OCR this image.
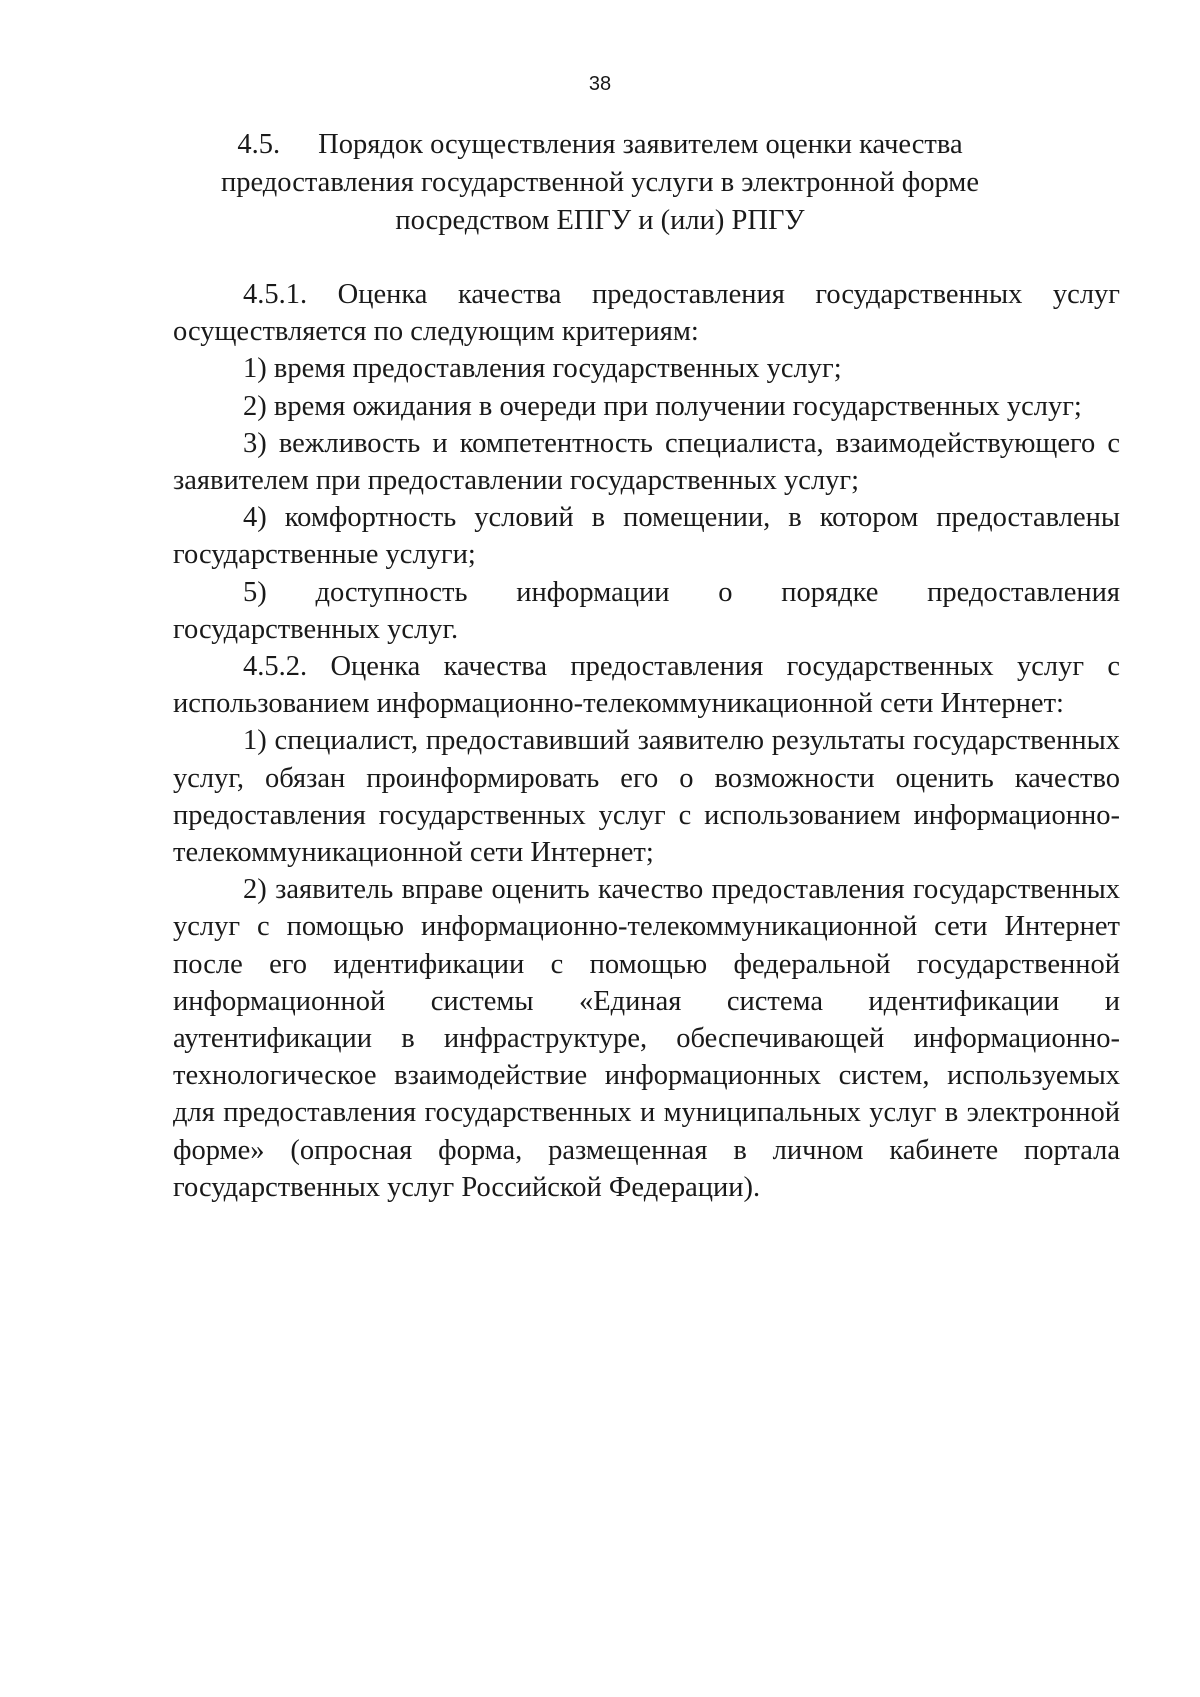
38
4.5. Порядок осуществления заявителем оценки качества
предоставления государственной услуги в электронной форме
посредством ЕПГУ и (или) РПГУ

4.5.1. Оценка качества предоставления государственных услуг осуществляется по следующим критериям:

1) время предоставления государственных услуг;

2) время ожидания в очереди при получении государственных услуг;

3) вежливость и компетентность специалиста, взаимодействующего с заявителем при предоставлении государственных услуг;

4) комфортность условий в помещении, в котором предоставлены государственные услуги;

5) доступность информации о порядке предоставления государственных услуг.

4.5.2. Оценка качества предоставления государственных услуг с использованием информационно-телекоммуникационной сети Интернет:

1) специалист, предоставивший заявителю результаты государственных услуг, обязан проинформировать его о возможности оценить качество предоставления государственных услуг с использованием информационно-телекоммуникационной сети Интернет;

2) заявитель вправе оценить качество предоставления государственных услуг с помощью информационно-телекоммуникационной сети Интернет после его идентификации с помощью федеральной государственной информационной системы «Единая система идентификации и аутентификации в инфраструктуре, обеспечивающей информационно-технологическое взаимодействие информационных систем, используемых для предоставления государственных и муниципальных услуг в электронной форме» (опросная форма, размещенная в личном кабинете портала государственных услуг Российской Федерации).
